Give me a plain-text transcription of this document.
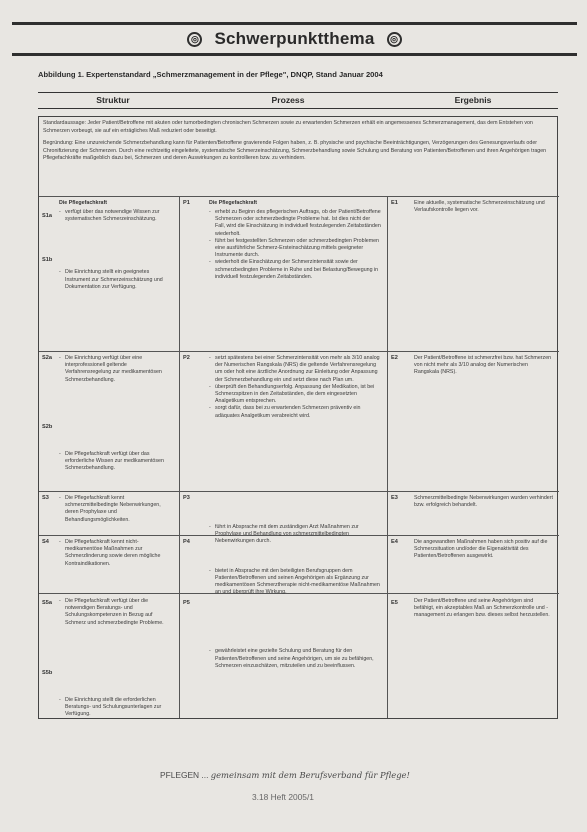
◎ Schwerpunktthema	◎
Abbildung 1. Expertenstandard „Schmerzmanagement in der Pflege", DNQP, Stand Januar 2004
Struktur	Prozess	Ergebnis

Standardaussage: Jeder Patient/Betroffene mit akuten oder tumorbedingten chronischen Schmerzen sowie zu erwartenden Schmerzen erhält ein angemessenes Schmerzmanagement, das dem Entstehen von Schmerzen vorbeugt, sie auf ein erträgliches Maß reduziert oder beseitigt.

Begründung: Eine unzureichende Schmerzbehandlung kann für Patienten/Betroffene gravierende Folgen haben, z. B. physische und psychische Beeinträchtigungen, Verzögerungen des Genesungsverlaufs oder Chronifizierung der Schmerzen. Durch eine rechtzeitig eingeleitete, systematische Schmerzeinschätzung, Schmerzbehandlung sowie Schulung und Beratung von Patienten/Betroffenen und ihren Angehörigen tragen Pflegefachkräfte maßgeblich dazu bei, Schmerzen und deren Auswirkungen zu kontrollieren bzw. zu verhindern.

Die Pflegefachkraft
S1a
- verfügt über das notwendige Wissen zur systematischen Schmerzeinschätzung.
S1b
- Die Einrichtung stellt ein geeignetes Instrument zur Schmerzeinschätzung und Dokumentation zur Verfügung.
P1	Die Pflegefachkraft
- erhebt zu Beginn des pflegerischen Auftrags, ob der Patient/Betroffene Schmerzen oder schmerzbedingte Probleme hat. Ist dies nicht der Fall, wird die Einschätzung in individuell festzulegenden Zeitabständen wiederholt.
- führt bei festgestellten Schmerzen oder schmerzbedingten Problemen eine ausführliche Schmerz-Ersteinschätzung mittels geeigneter Instrumente durch.
- wiederholt die Einschätzung der Schmerzintensität sowie der schmerzbedingten Probleme in Ruhe und bei Belastung/Bewegung in individuell festzulegenden Zeitabständen.
E1	Eine aktuelle, systematische Schmerzeinschätzung und Verlaufskontrolle liegen vor.
S2a	- Die Einrichtung verfügt über eine interprofessionell geltende Verfahrensregelung zur medikamentösen Schmerzbehandlung.
S2b
- Die Pflegefachkraft verfügt über das erforderliche Wissen zur medikamentösen Schmerzbehandlung.
P2	- setzt spätestens bei einer Schmerzintensität von mehr als 3/10 analog der Numerischen Rangskala (NRS) die geltende Verfahrensregelung um oder holt eine ärztliche Anordnung zur Einleitung oder Anpassung der Schmerzbehandlung ein und setzt diese nach Plan um.
- überprüft den Behandlungserfolg. Anpassung der Medikation, ist bei Schmerzspitzen in den Zeitabständen, die dem eingesetzten Analgetikum entsprechen.
- sorgt dafür, dass bei zu erwartenden Schmerzen präventiv ein adäquates Analgetikum verabreicht wird.
E2	Der Patient/Betroffene ist schmerzfrei bzw. hat Schmerzen von nicht mehr als 3/10 analog der Numerischen Rangskala (NRS).
S3	- Die Pflegefachkraft kennt schmerzmittelbedingte Nebenwirkungen, deren Prophylaxe und Behandlungsmöglichkeiten.
P3
- führt in Absprache mit dem zuständigen Arzt Maßnahmen zur Prophylaxe und Behandlung von schmerzmittelbedingten Nebenwirkungen durch.
E3	Schmerzmittelbedingte Nebenwirkungen wurden verhindert bzw. erfolgreich behandelt.
S4	- Die Pflegefachkraft kennt nicht-medikamentöse Maßnahmen zur Schmerzlinderung sowie deren mögliche Kontraindikationen.
P4
- bietet in Absprache mit den beteiligten Berufsgruppen dem Patienten/Betroffenen und seinen Angehörigen als Ergänzung zur medikamentösen Schmerztherapie nicht-medikamentöse Maßnahmen an und überprüft ihre Wirkung.
E4	Die angewandten Maßnahmen haben sich positiv auf die Schmerzsituation und/oder die Eigenaktivität des Patienten/Betroffenen ausgewirkt.
S5a	- Die Pflegefachkraft verfügt über die notwendigen Beratungs- und Schulungskompetenzen in Bezug auf Schmerz und schmerzbedingte Probleme.
S5b
- Die Einrichtung stellt die erforderlichen Beratungs- und Schulungsunterlagen zur Verfügung.
P5
- gewährleistet eine gezielte Schulung und Beratung für den Patienten/Betroffenen und seine Angehörigen, um sie zu befähigen, Schmerzen einzuschätzen, mitzuteilen und zu beeinflussen.
E5	Der Patient/Betroffene und seine Angehörigen sind befähigt, ein akzeptables Maß an Schmerzkontrolle und -management zu erlangen bzw. dieses selbst herzustellen.
PFLEGEN ... gemeinsam mit dem Berufsverband für Pflege!
3.18 Heft 2005/1
